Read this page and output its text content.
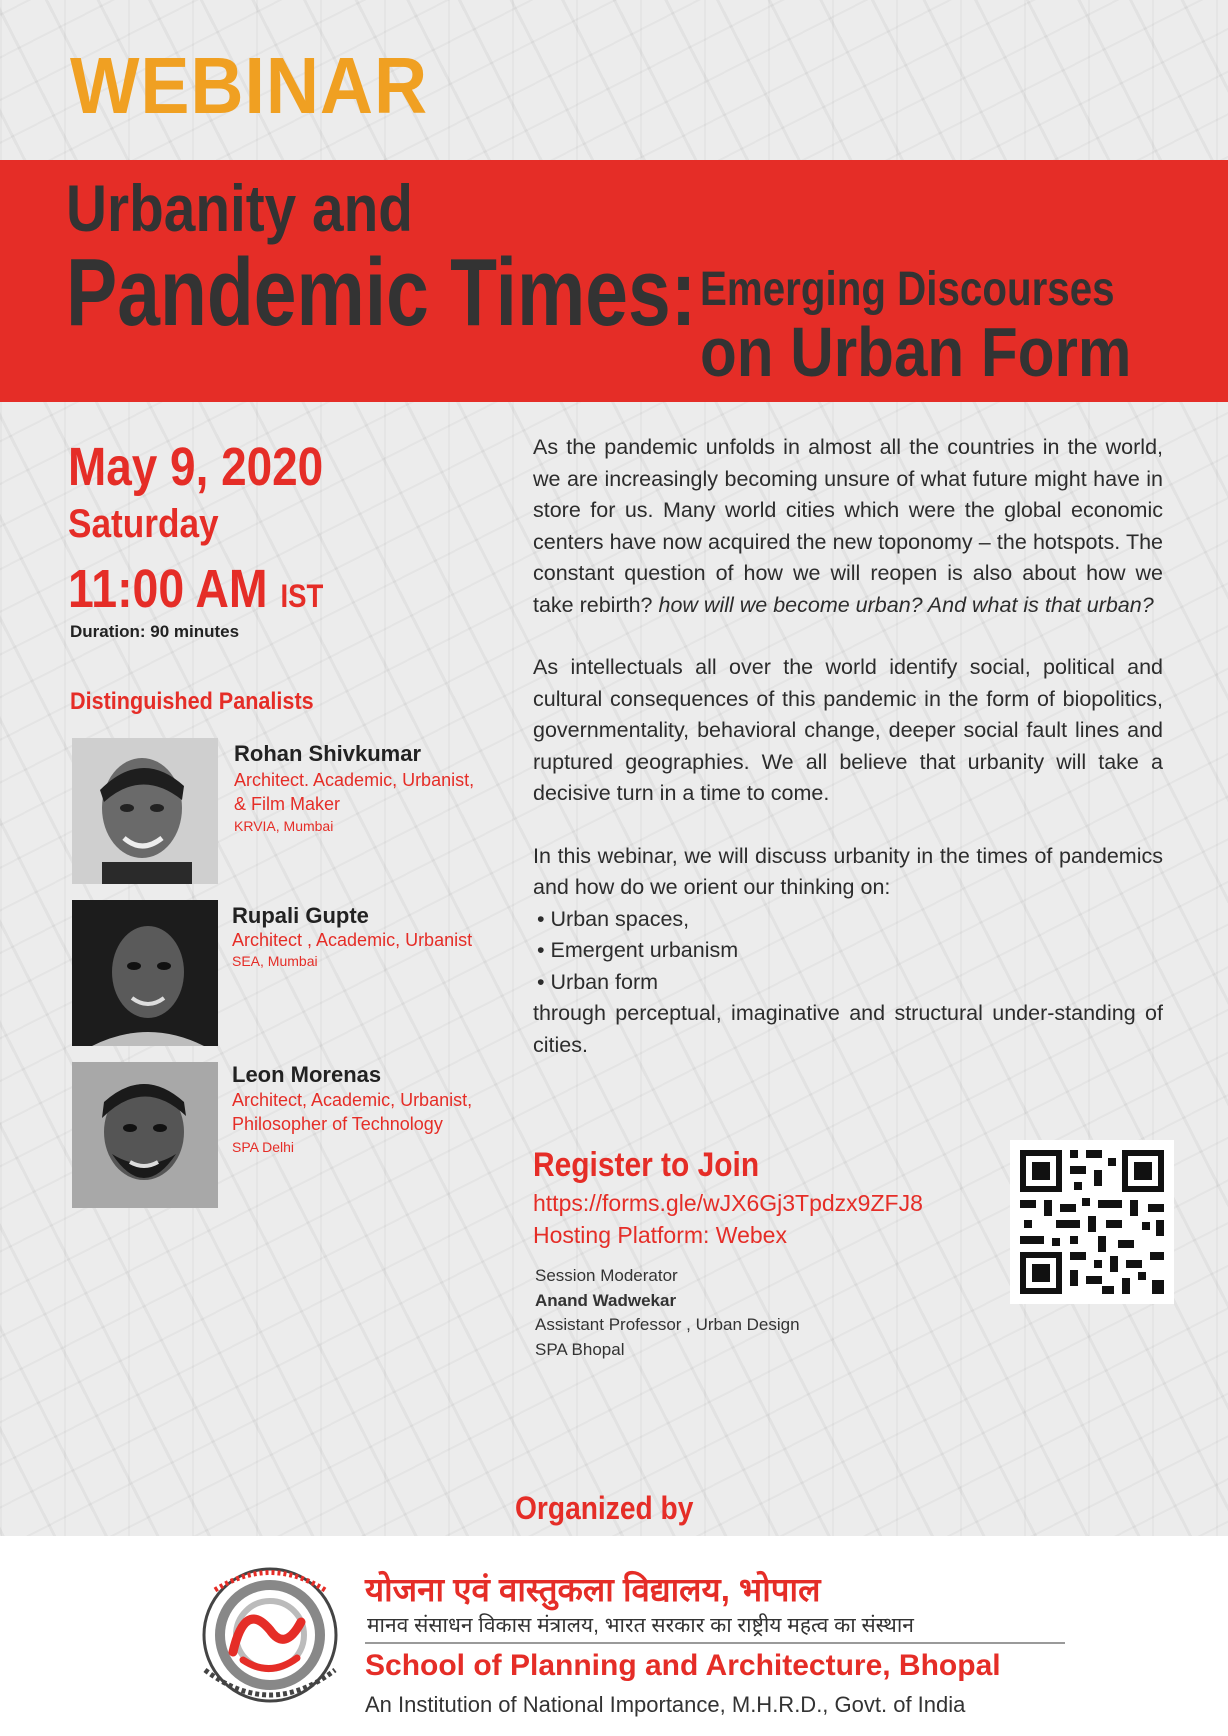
WEBINAR
Urbanity and
Pandemic Times: Emerging Discourses
on Urban Form
May 9, 2020
Saturday
11:00 AM IST
Duration: 90 minutes
Distinguished Panalists
Rohan Shivkumar
Architect. Academic, Urbanist,
& Film Maker
KRVIA, Mumbai
Rupali Gupte
Architect , Academic, Urbanist
SEA, Mumbai
Leon Morenas
Architect, Academic, Urbanist,
Philosopher of Technology
SPA Delhi

As the pandemic unfolds in almost all the countries in the world, we are increasingly becoming unsure of what future might have in store for us. Many world cities which were the global economic centers have now acquired the new toponomy – the hotspots. The constant question of how we will reopen is also about how we take rebirth? how will we become urban? And what is that urban?

As intellectuals all over the world identify social, political and cultural consequences of this pandemic in the form of biopolitics, governmentality, behavioral change, deeper social fault lines and ruptured geographies. We all believe that urbanity will take a decisive turn in a time to come.

In this webinar, we will discuss urbanity in the times of pandemics and how do we orient our thinking on:
• Urban spaces,
• Emergent urbanism
• Urban form
through perceptual, imaginative and structural under-standing of cities.
Register to Join
https://forms.gle/wJX6Gj3Tpdzx9ZFJ8
Hosting Platform: Webex
Session Moderator
Anand Wadwekar
Assistant Professor , Urban Design
SPA Bhopal
Organized by
योजना एवं वास्तुकला विद्यालय, भोपाल
मानव संसाधन विकास मंत्रालय, भारत सरकार का राष्ट्रीय महत्व का संस्थान
School of Planning and Architecture, Bhopal
An Institution of National Importance, M.H.R.D., Govt. of India
